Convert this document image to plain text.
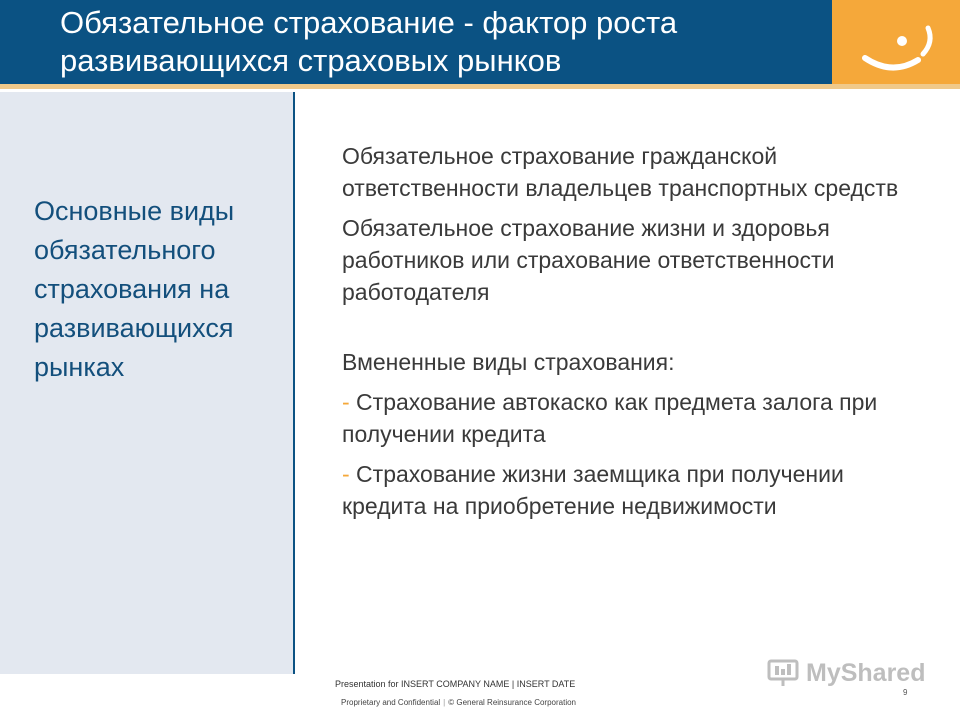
Обязательное страхование - фактор роста развивающихся страховых рынков
Основные виды обязательного страхования на развивающихся рынках

Обязательное страхование гражданской ответственности владельцев транспортных средств

Обязательное страхование жизни и здоровья работников или страхование ответственности работодателя

Вмененные виды страхования:

- Страхование автокаско как предмета залога при получении кредита

- Страхование жизни заемщика при получении кредита на приобретение недвижимости

Presentation for INSERT COMPANY NAME | INSERT DATE
Proprietary and Confidential | © General Reinsurance Corporation
9
MyShared
